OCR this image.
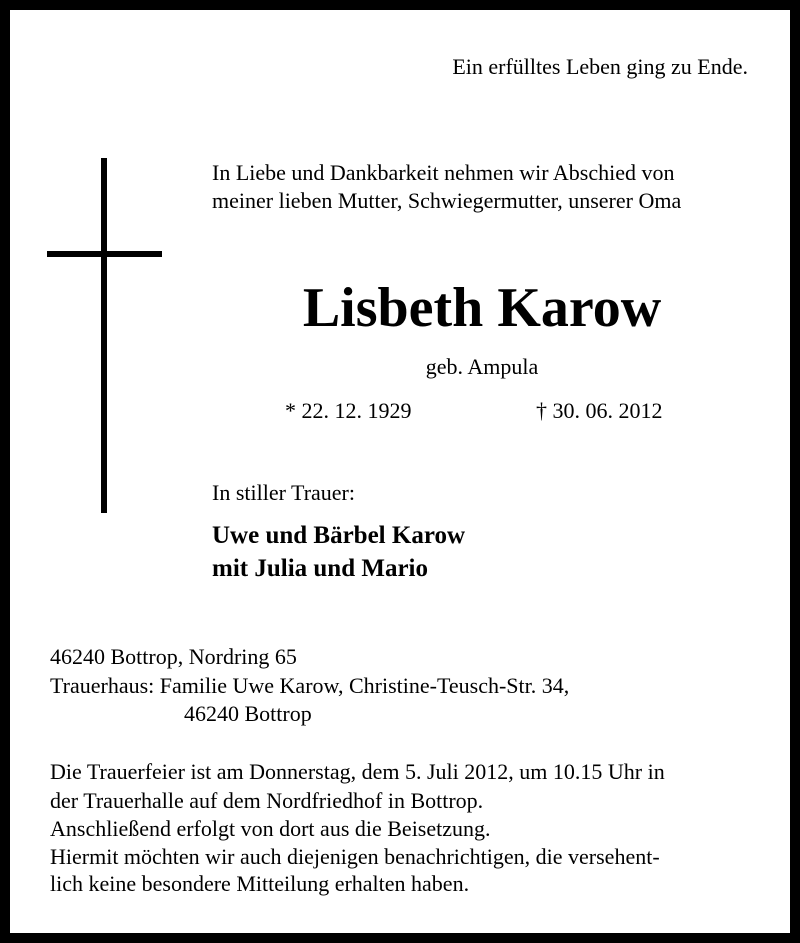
Ein erfülltes Leben ging zu Ende.
In Liebe und Dankbarkeit nehmen wir Abschied von
meiner lieben Mutter, Schwiegermutter, unserer Oma
Lisbeth Karow
geb. Ampula
* 22. 12. 1929	† 30. 06. 2012
In stiller Trauer:
Uwe und Bärbel Karow
mit Julia und Mario
46240 Bottrop, Nordring 65
Trauerhaus: Familie Uwe Karow, Christine-Teusch-Str. 34,
46240 Bottrop
Die Trauerfeier ist am Donnerstag, dem 5. Juli 2012, um 10.15 Uhr in
der Trauerhalle auf dem Nordfriedhof in Bottrop.
Anschließend erfolgt von dort aus die Beisetzung.
Hiermit möchten wir auch diejenigen benachrichtigen, die versehent-
lich keine besondere Mitteilung erhalten haben.
